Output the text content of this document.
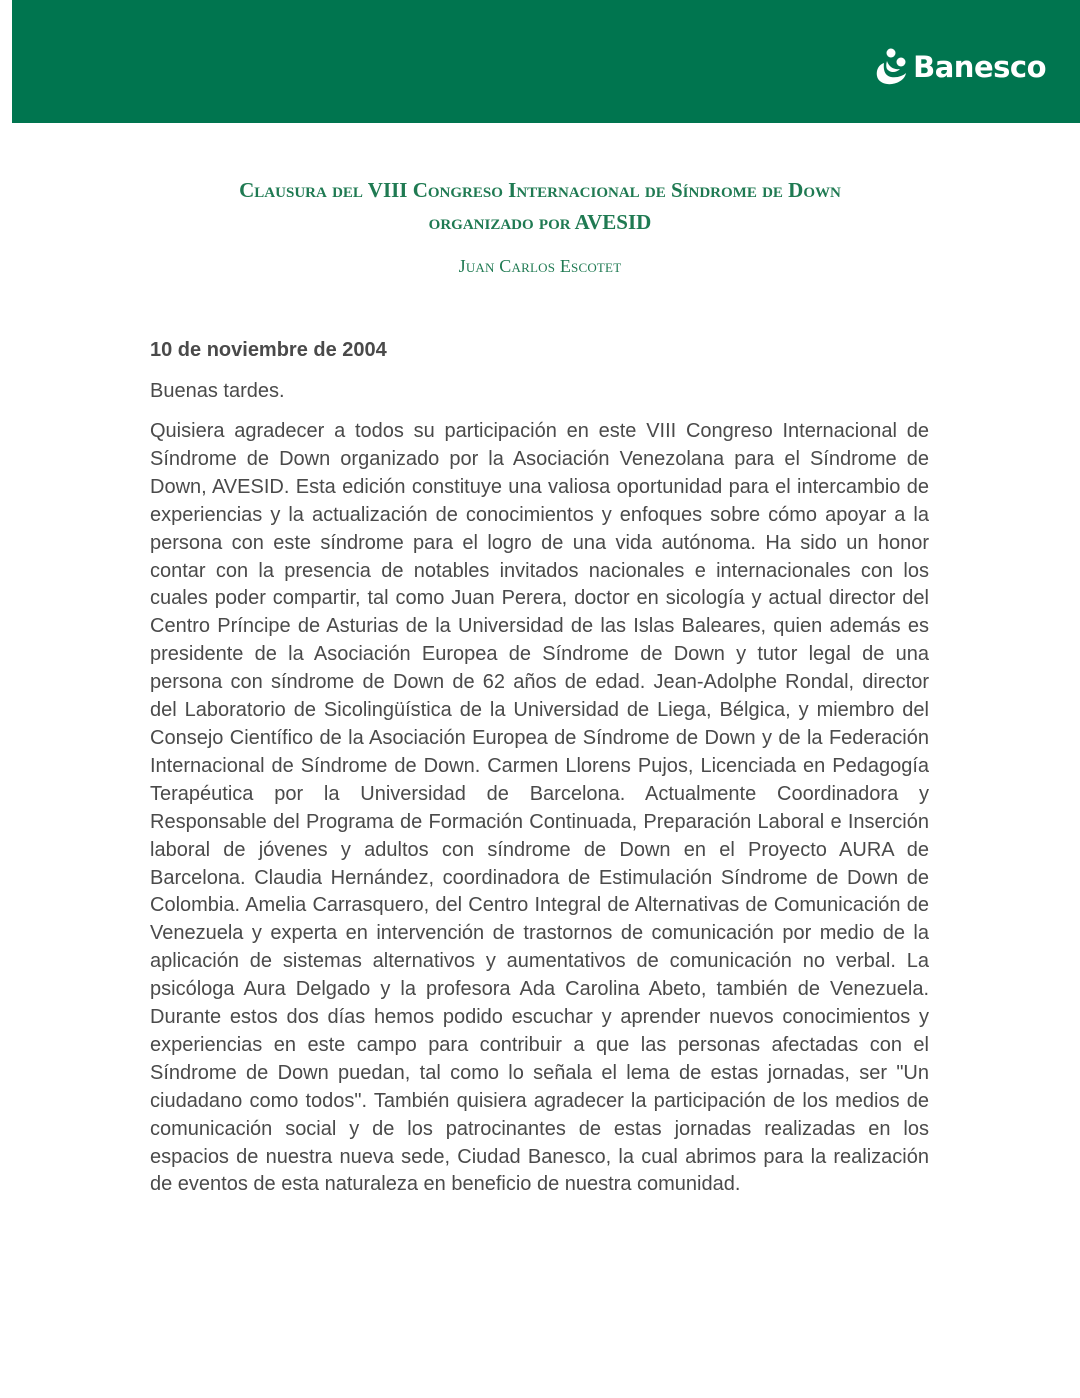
Banesco

Clausura del VIII Congreso Internacional de Síndrome de Down

organizado por AVESID

Juan Carlos Escotet

10 de noviembre de 2004

Buenas tardes.

Quisiera agradecer a todos su participación en este VIII Congreso Internacional de Síndrome de Down organizado por la Asociación Venezolana para el Síndrome de Down, AVESID. Esta edición constituye una valiosa oportunidad para el intercambio de experiencias y la actualización de conocimientos y enfoques sobre cómo apoyar a la persona con este síndrome para el logro de una vida autónoma. Ha sido un honor contar con la presencia de notables invitados nacionales e internacionales con los cuales poder compartir, tal como Juan Perera, doctor en sicología y actual director del Centro Príncipe de Asturias de la Universidad de las Islas Baleares, quien además es presidente de la Asociación Europea de Síndrome de Down y tutor legal de una persona con síndrome de Down de 62 años de edad. Jean-Adolphe Rondal, director del Laboratorio de Sicolingüística de la Universidad de Liega, Bélgica, y miembro del Consejo Científico de la Asociación Europea de Síndrome de Down y de la Federación Internacional de Síndrome de Down. Carmen Llorens Pujos, Licenciada en Pedagogía Terapéutica por la Universidad de Barcelona. Actualmente Coordinadora y Responsable del Programa de Formación Continuada, Preparación Laboral e Inserción laboral de jóvenes y adultos con síndrome de Down en el Proyecto AURA de Barcelona. Claudia Hernández, coordinadora de Estimulación Síndrome de Down de Colombia. Amelia Carrasquero, del Centro Integral de Alternativas de Comunicación de Venezuela y experta en intervención de trastornos de comunicación por medio de la aplicación de sistemas alternativos y aumentativos de comunicación no verbal. La psicóloga Aura Delgado y la profesora Ada Carolina Abeto, también de Venezuela. Durante estos dos días hemos podido escuchar y aprender nuevos conocimientos y experiencias en este campo para contribuir a que las personas afectadas con el Síndrome de Down puedan, tal como lo señala el lema de estas jornadas, ser "Un ciudadano como todos". También quisiera agradecer la participación de los medios de comunicación social y de los patrocinantes de estas jornadas realizadas en los espacios de nuestra nueva sede, Ciudad Banesco, la cual abrimos para la realización de eventos de esta naturaleza en beneficio de nuestra comunidad.
